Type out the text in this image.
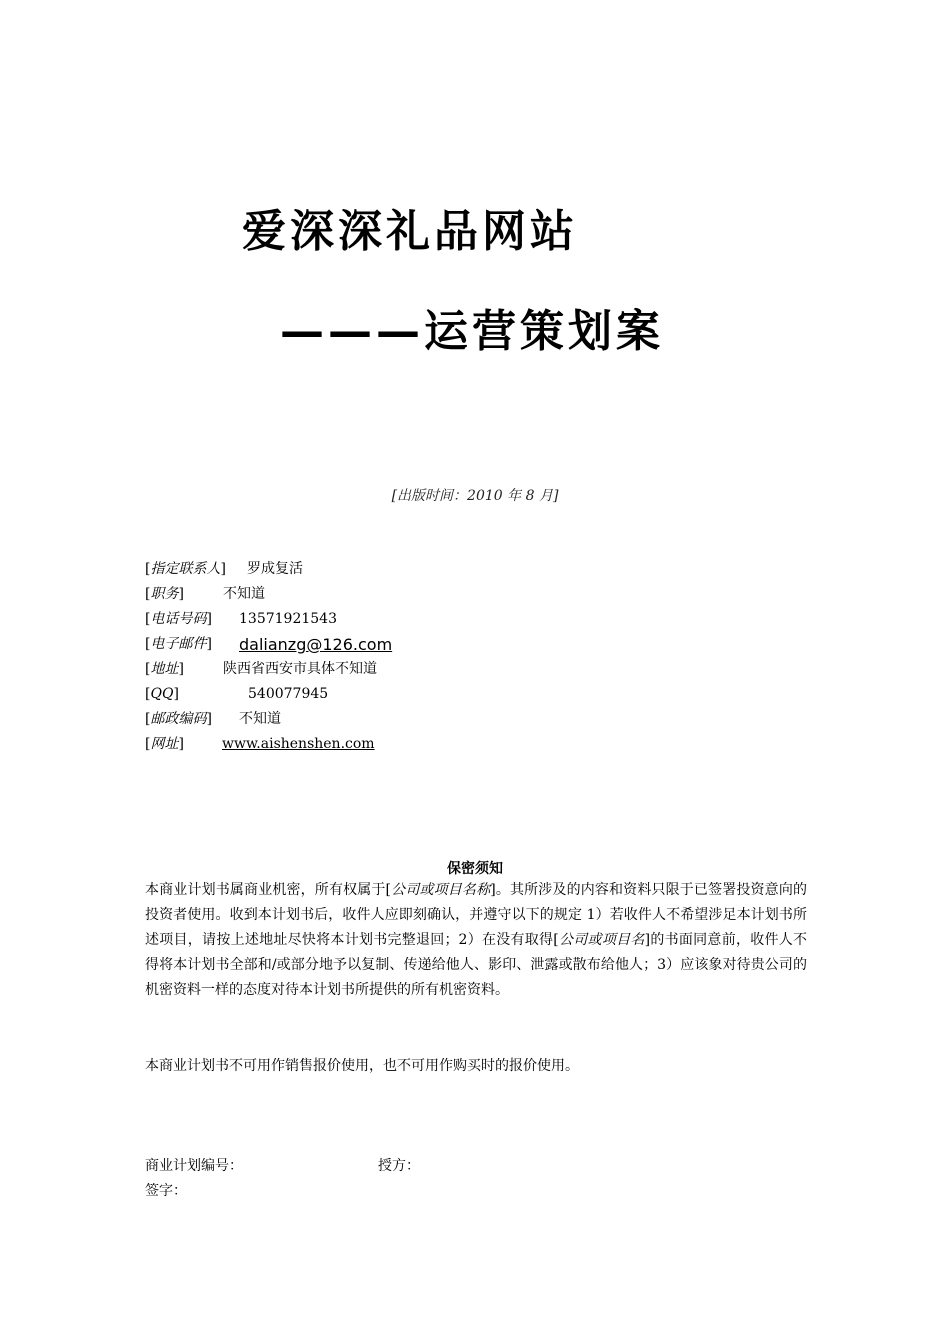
爱深深礼品网站
———运营策划案
[出版时间：2010 年 8 月]
[指定联系人] 罗成复活
[职务]	不知道
[电话号码] 13571921543
[电子邮件] dalianzg@126.com
[地址]	陕西省西安市具体不知道
[QQ]	540077945
[邮政编码] 不知道
[网址]	www.aishenshen.com
保密须知
本商业计划书属商业机密，所有权属于[公司或项目名称]。其所涉及的内容和资料只限于已签署投资意向的投资者使用。收到本计划书后，收件人应即刻确认，并遵守以下的规定 1）若收件人不希望涉足本计划书所述项目，请按上述地址尽快将本计划书完整退回；2）在没有取得[公司或项目名]的书面同意前，收件人不得将本计划书全部和/或部分地予以复制、传递给他人、影印、泄露或散布给他人；3）应该象对待贵公司的机密资料一样的态度对待本计划书所提供的所有机密资料。
本商业计划书不可用作销售报价使用，也不可用作购买时的报价使用。
商业计划编号：	授方：
签字：
